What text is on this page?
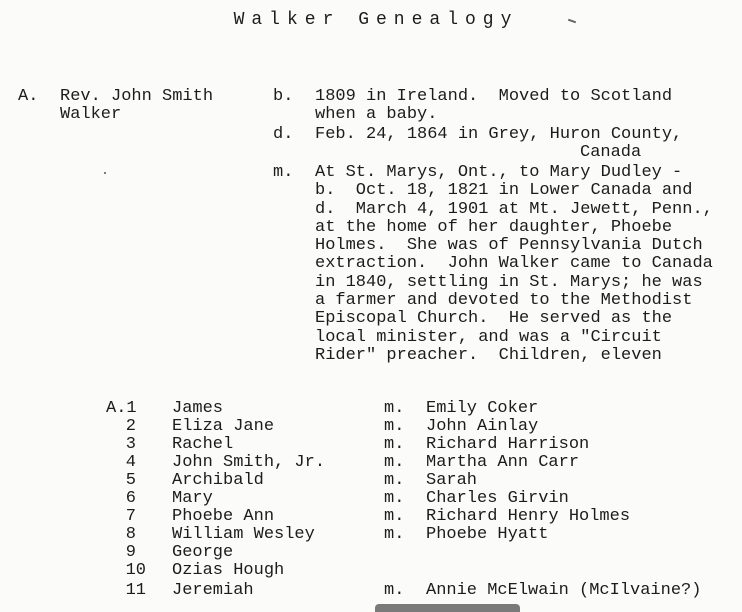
Walker Genealogy
A. Rev. John Smith
Walker
b. 1809 in Ireland.  Moved to Scotland
when a baby.
d. Feb. 24, 1864 in Grey, Huron County,
Canada
m. At St. Marys, Ont., to Mary Dudley -
b.  Oct. 18, 1821 in Lower Canada and
d.  March 4, 1901 at Mt. Jewett, Penn.,
at the home of her daughter, Phoebe
Holmes.  She was of Pennsylvania Dutch
extraction.  John Walker came to Canada
in 1840, settling in St. Marys; he was
a farmer and devoted to the Methodist
Episcopal Church.  He served as the
local minister, and was a "Circuit
Rider" preacher.  Children, eleven
A.1 James	m. Emily Coker
2 Eliza Jane	m. John Ainlay
3 Rachel	m. Richard Harrison
4 John Smith, Jr.	m. Martha Ann Carr
5 Archibald	m. Sarah
6 Mary	m. Charles Girvin
7 Phoebe Ann	m. Richard Henry Holmes
8 William Wesley	m. Phoebe Hyatt
9 George
10 Ozias Hough
11 Jeremiah	m. Annie McElwain (McIlvaine?)
